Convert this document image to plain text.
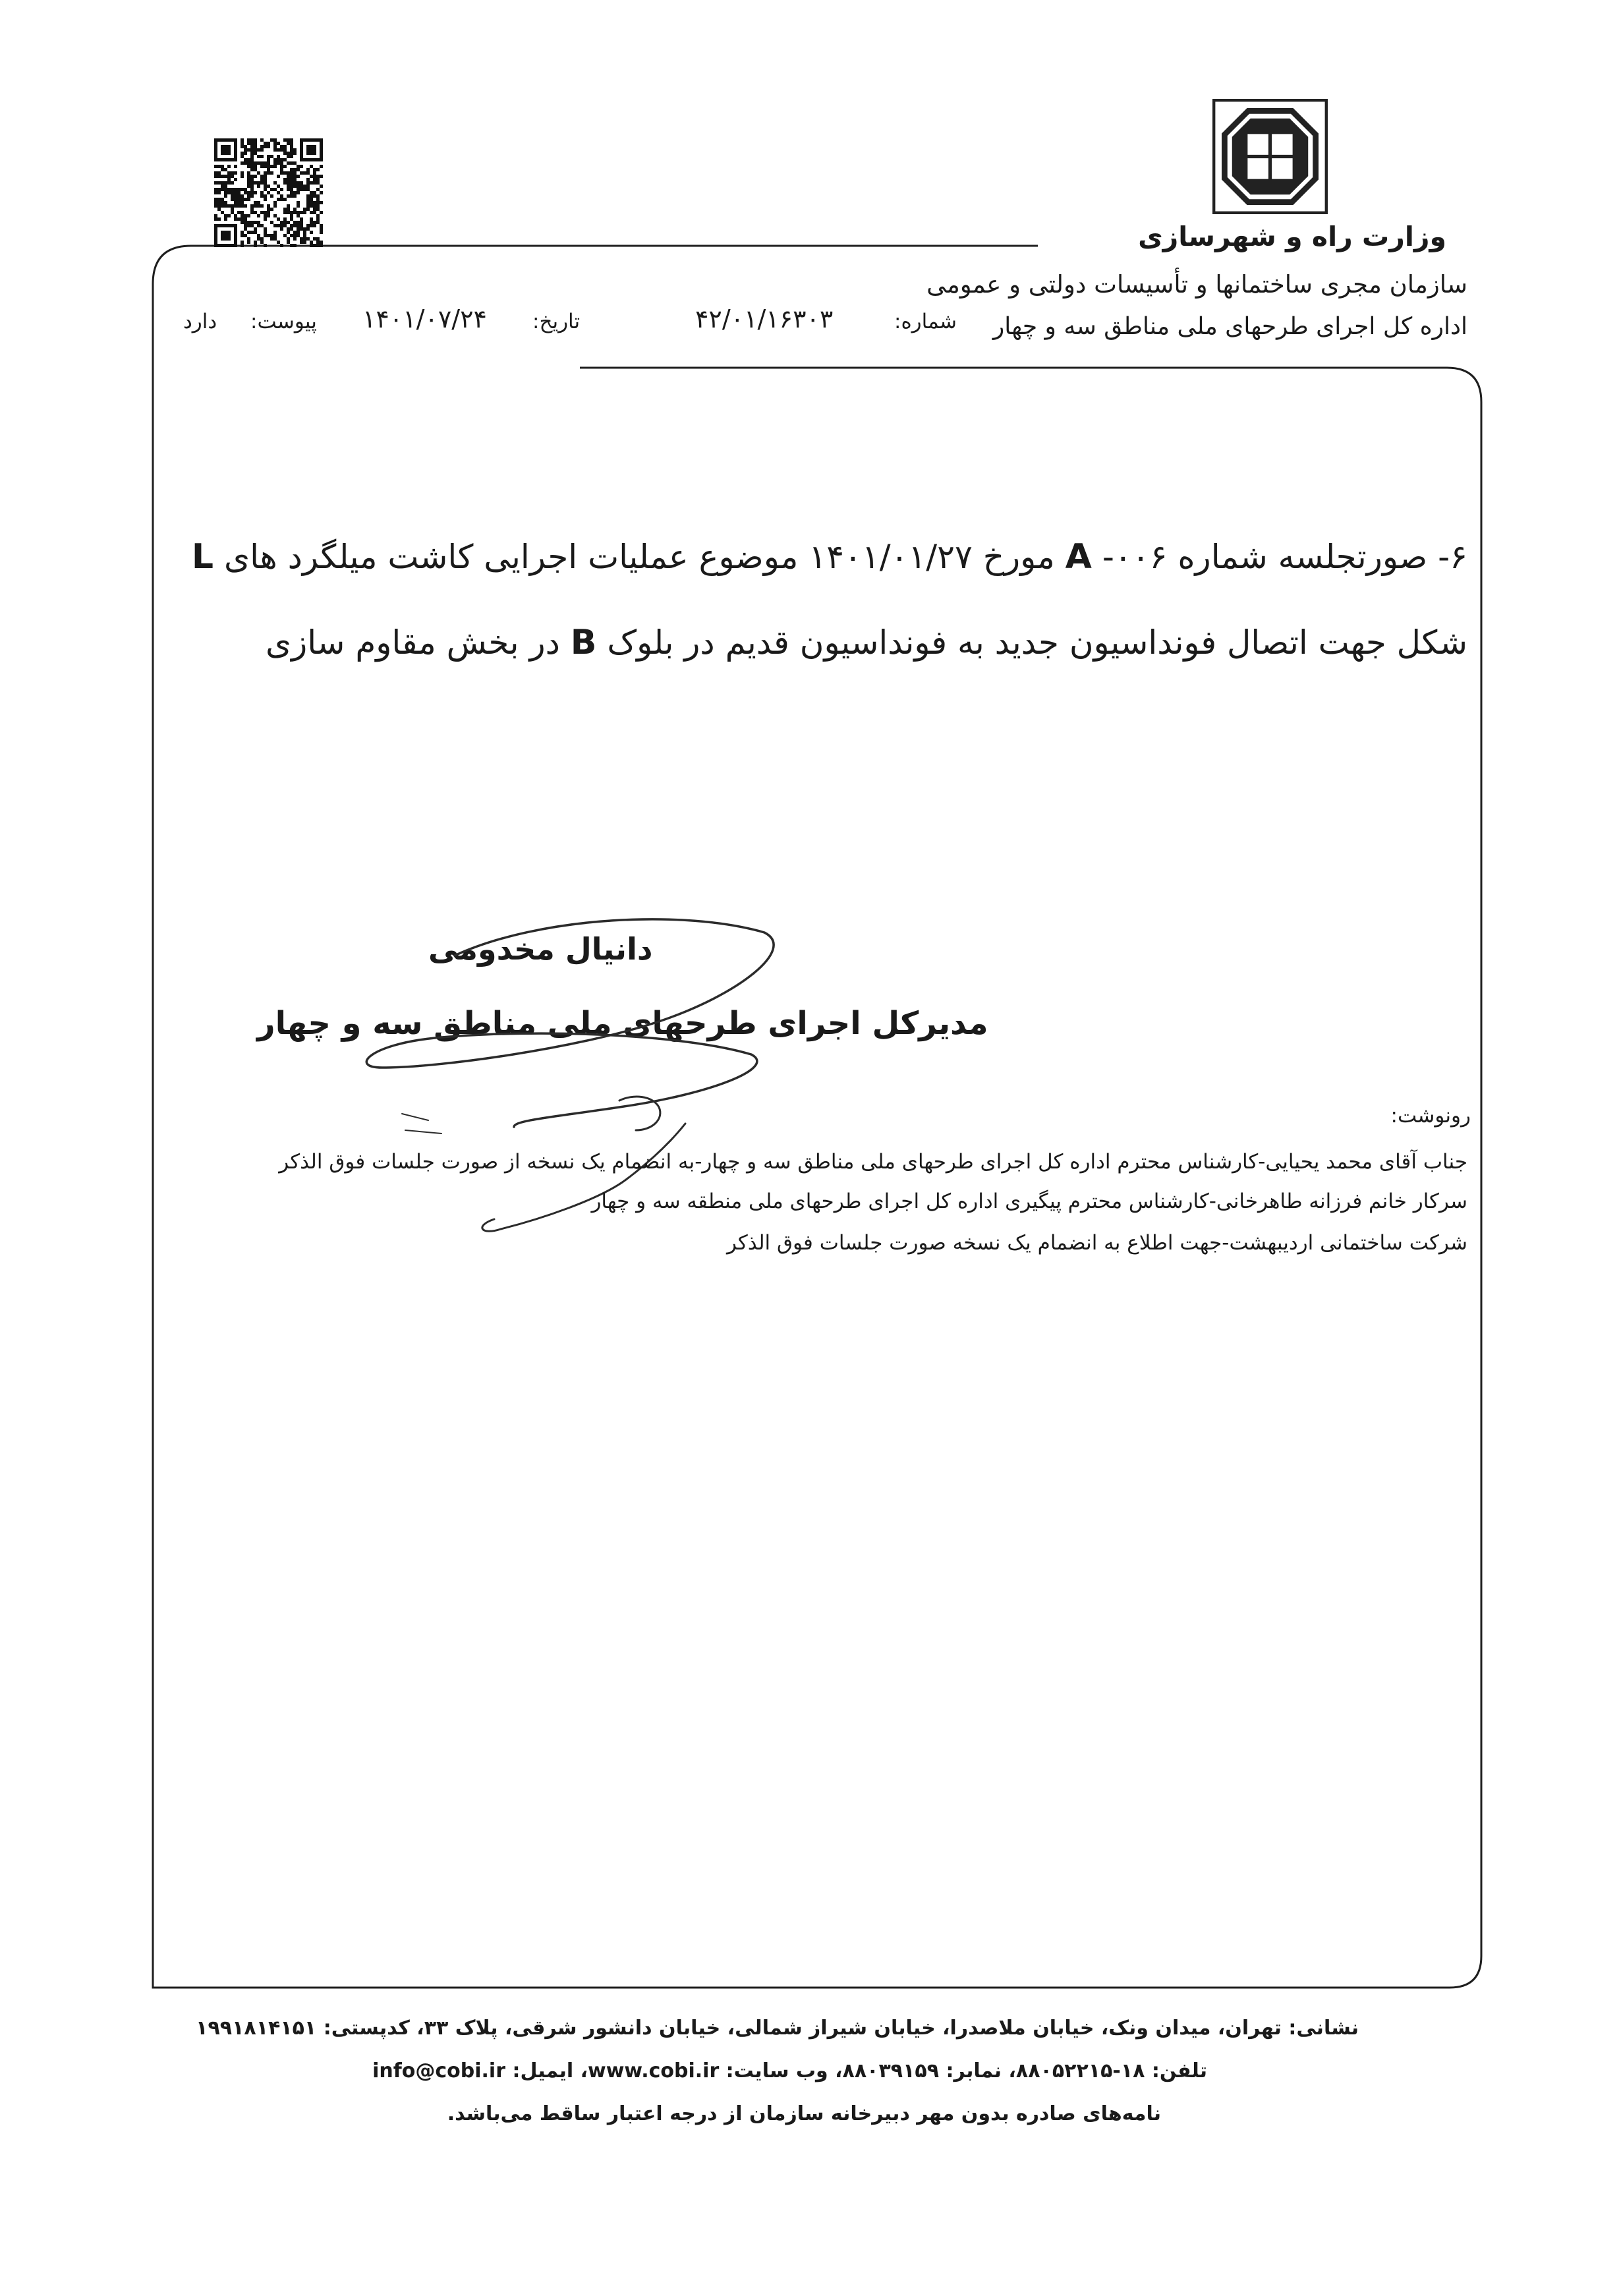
وزارت راه و شهرسازی
سازمان مجری ساختمانها و تأسیسات دولتی و عمومی
اداره کل اجرای طرحهای ملی مناطق سه و چهار
شماره:
۴۲/۰۱/۱۶۳۰۳
تاریخ:
۱۴۰۱/۰۷/۲۴
پیوست:
دارد
۶- صورتجلسه شماره ۰۰۶- A مورخ ۱۴۰۱/۰۱/۲۷ موضوع عملیات اجرایی کاشت میلگرد های L شکل جهت اتصال فونداسیون جدید به فونداسیون قدیم در بلوک B در بخش مقاوم سازی
دانیال مخدومی
مدیرکل اجرای طرحهای ملی مناطق سه و چهار
رونوشت:
جناب آقای محمد یحیایی-کارشناس محترم اداره کل اجرای طرحهای ملی مناطق سه و چهار-به انضمام یک نسخه از صورت جلسات فوق الذکر
سرکار خانم فرزانه طاهرخانی-کارشناس محترم پیگیری اداره کل اجرای طرحهای ملی منطقه سه و چهار
شرکت ساختمانی اردیبهشت-جهت اطلاع به انضمام یک نسخه صورت جلسات فوق الذکر
نشانی: تهران، میدان ونک، خیابان ملاصدرا، خیابان شیراز شمالی، خیابان دانشور شرقی، پلاک ۳۳، کدپستی: ۱۹۹۱۸۱۴۱۵۱
تلفن: ۱۸-۸۸۰۵۲۲۱۵، نمابر: ۸۸۰۳۹۱۵۹، وب سایت: www.cobi.ir، ایمیل: info@cobi.ir
نامه‌های صادره بدون مهر دبیرخانه سازمان از درجه اعتبار ساقط می‌باشد.
